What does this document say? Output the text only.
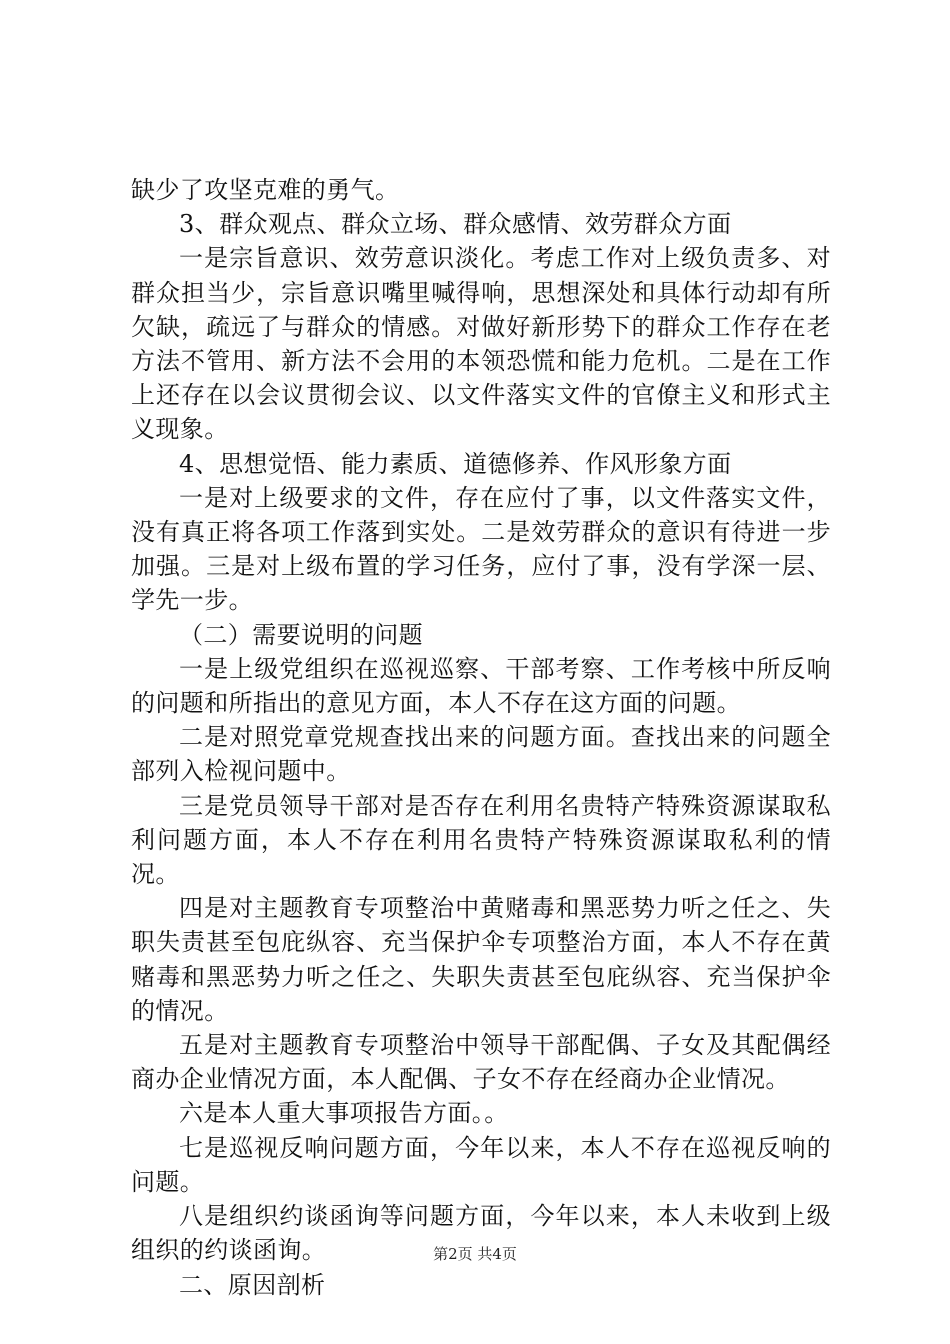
缺少了攻坚克难的勇气。

3、群众观点、群众立场、群众感情、效劳群众方面

一是宗旨意识、效劳意识淡化。考虑工作对上级负责多、对群众担当少，宗旨意识嘴里喊得响，思想深处和具体行动却有所欠缺，疏远了与群众的情感。对做好新形势下的群众工作存在老方法不管用、新方法不会用的本领恐慌和能力危机。二是在工作上还存在以会议贯彻会议、以文件落实文件的官僚主义和形式主义现象。

4、思想觉悟、能力素质、道德修养、作风形象方面

一是对上级要求的文件，存在应付了事，以文件落实文件，没有真正将各项工作落到实处。二是效劳群众的意识有待进一步加强。三是对上级布置的学习任务，应付了事，没有学深一层、学先一步。

（二）需要说明的问题

一是上级党组织在巡视巡察、干部考察、工作考核中所反响的问题和所指出的意见方面，本人不存在这方面的问题。

二是对照党章党规查找出来的问题方面。查找出来的问题全部列入检视问题中。

三是党员领导干部对是否存在利用名贵特产特殊资源谋取私利问题方面，本人不存在利用名贵特产特殊资源谋取私利的情况。

四是对主题教育专项整治中黄赌毒和黑恶势力听之任之、失职失责甚至包庇纵容、充当保护伞专项整治方面，本人不存在黄赌毒和黑恶势力听之任之、失职失责甚至包庇纵容、充当保护伞的情况。

五是对主题教育专项整治中领导干部配偶、子女及其配偶经商办企业情况方面，本人配偶、子女不存在经商办企业情况。

六是本人重大事项报告方面。。

七是巡视反响问题方面，今年以来，本人不存在巡视反响的问题。

八是组织约谈函询等问题方面，今年以来，本人未收到上级组织的约谈函询。

二、原因剖析

第2页 共4页
